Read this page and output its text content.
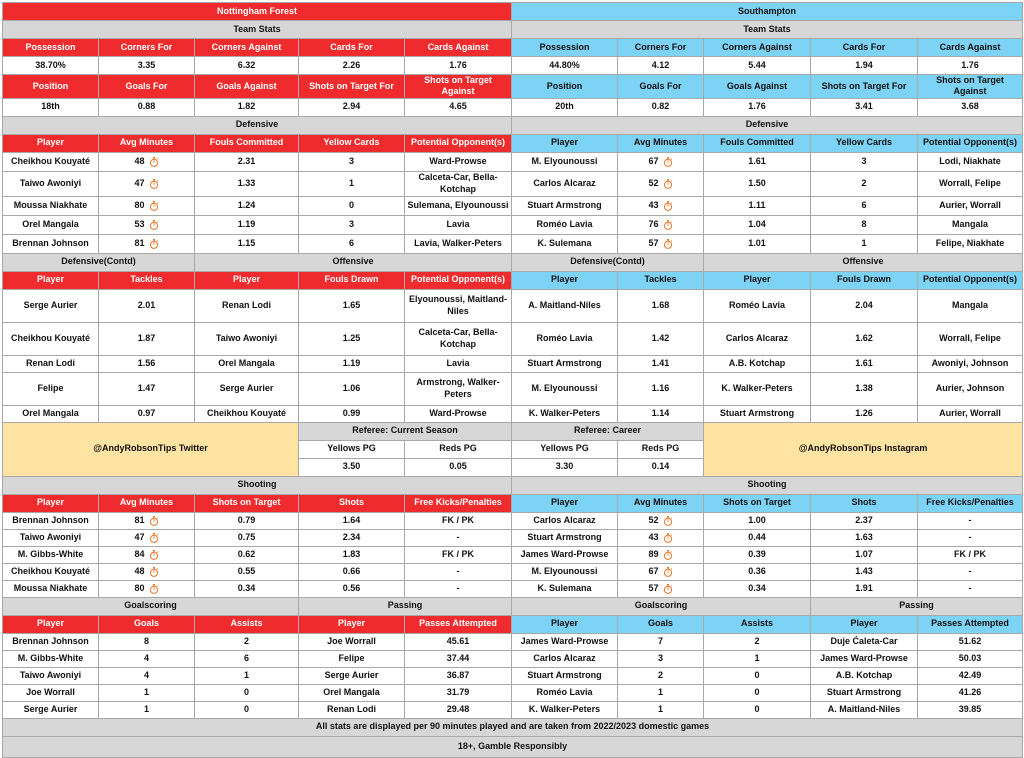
Nottingham Forest					Southampton				
Team Stats					Team Stats				
Possession	Corners For	Corners Against	Cards For	Cards Against	Possession	Corners For	Corners Against	Cards For	Cards Against
38.70%	3.35	6.32	2.26	1.76	44.80%	4.12	5.44	1.94	1.76
Position	Goals For	Goals Against	Shots on Target For	Shots on Target Against	Position	Goals For	Goals Against	Shots on Target For	Shots on Target Against
18th	0.88	1.82	2.94	4.65	20th	0.82	1.76	3.41	3.68
Defensive					Defensive				
Player	Avg Minutes	Fouls Committed	Yellow Cards	Potential Opponent(s)	Player	Avg Minutes	Fouls Committed	Yellow Cards	Potential Opponent(s)
Cheikhou Kouyaté	48	2.31	3	Ward-Prowse	M. Elyounoussi	67	1.61	3	Lodi, Niakhate
Taiwo Awoniyi	47	1.33	1	Calceta-Car, Bella-Kotchap	Carlos Alcaraz	52	1.50	2	Worrall, Felipe
Moussa Niakhate	80	1.24	0	Sulemana, Elyounoussi	Stuart Armstrong	43	1.11	6	Aurier, Worrall
Orel Mangala	53	1.19	3	Lavia	Roméo Lavia	76	1.04	8	Mangala
Brennan Johnson	81	1.15	6	Lavia, Walker-Peters	K. Sulemana	57	1.01	1	Felipe, Niakhate
Defensive(Contd)		Offensive			Defensive(Contd)		Offensive		
Player	Tackles	Player	Fouls Drawn	Potential Opponent(s)	Player	Tackles	Player	Fouls Drawn	Potential Opponent(s)
Serge Aurier	2.01	Renan Lodi	1.65	Elyounoussi, Maitland-Niles	A. Maitland-Niles	1.68	Roméo Lavia	2.04	Mangala
Cheikhou Kouyaté	1.87	Taiwo Awoniyi	1.25	Calceta-Car, Bella-Kotchap	Roméo Lavia	1.42	Carlos Alcaraz	1.62	Worrall, Felipe
Renan Lodi	1.56	Orel Mangala	1.19	Lavia	Stuart Armstrong	1.41	A.B. Kotchap	1.61	Awoniyi, Johnson
Felipe	1.47	Serge Aurier	1.06	Armstrong, Walker-Peters	M. Elyounoussi	1.16	K. Walker-Peters	1.38	Aurier, Johnson
Orel Mangala	0.97	Cheikhou Kouyaté	0.99	Ward-Prowse	K. Walker-Peters	1.14	Stuart Armstrong	1.26	Aurier, Worrall
@AndyRobsonTips Twitter			Referee: Current Season		Referee: Career		@AndyRobsonTips Instagram		
			Yellows PG	Reds PG	Yellows PG	Reds PG			
			3.50	0.05	3.30	0.14			
Shooting					Shooting				
Player	Avg Minutes	Shots on Target	Shots	Free Kicks/Penalties	Player	Avg Minutes	Shots on Target	Shots	Free Kicks/Penalties
Brennan Johnson	81	0.79	1.64	FK / PK	Carlos Alcaraz	52	1.00	2.37	-
Taiwo Awoniyi	47	0.75	2.34	-	Stuart Armstrong	43	0.44	1.63	-
M. Gibbs-White	84	0.62	1.83	FK / PK	James Ward-Prowse	89	0.39	1.07	FK / PK
Cheikhou Kouyaté	48	0.55	0.66	-	M. Elyounoussi	67	0.36	1.43	-
Moussa Niakhate	80	0.34	0.56	-	K. Sulemana	57	0.34	1.91	-
Goalscoring			Passing		Goalscoring			Passing	
Player	Goals	Assists	Player	Passes Attempted	Player	Goals	Assists	Player	Passes Attempted
Brennan Johnson	8	2	Joe Worrall	45.61	James Ward-Prowse	7	2	Duje Ćaleta-Car	51.62
M. Gibbs-White	4	6	Felipe	37.44	Carlos Alcaraz	3	1	James Ward-Prowse	50.03
Taiwo Awoniyi	4	1	Serge Aurier	36.87	Stuart Armstrong	2	0	A.B. Kotchap	42.49
Joe Worrall	1	0	Orel Mangala	31.79	Roméo Lavia	1	0	Stuart Armstrong	41.26
Serge Aurier	1	0	Renan Lodi	29.48	K. Walker-Peters	1	0	A. Maitland-Niles	39.85
All stats are displayed per 90 minutes played and are taken from 2022/2023 domestic games									
18+, Gamble Responsibly									
